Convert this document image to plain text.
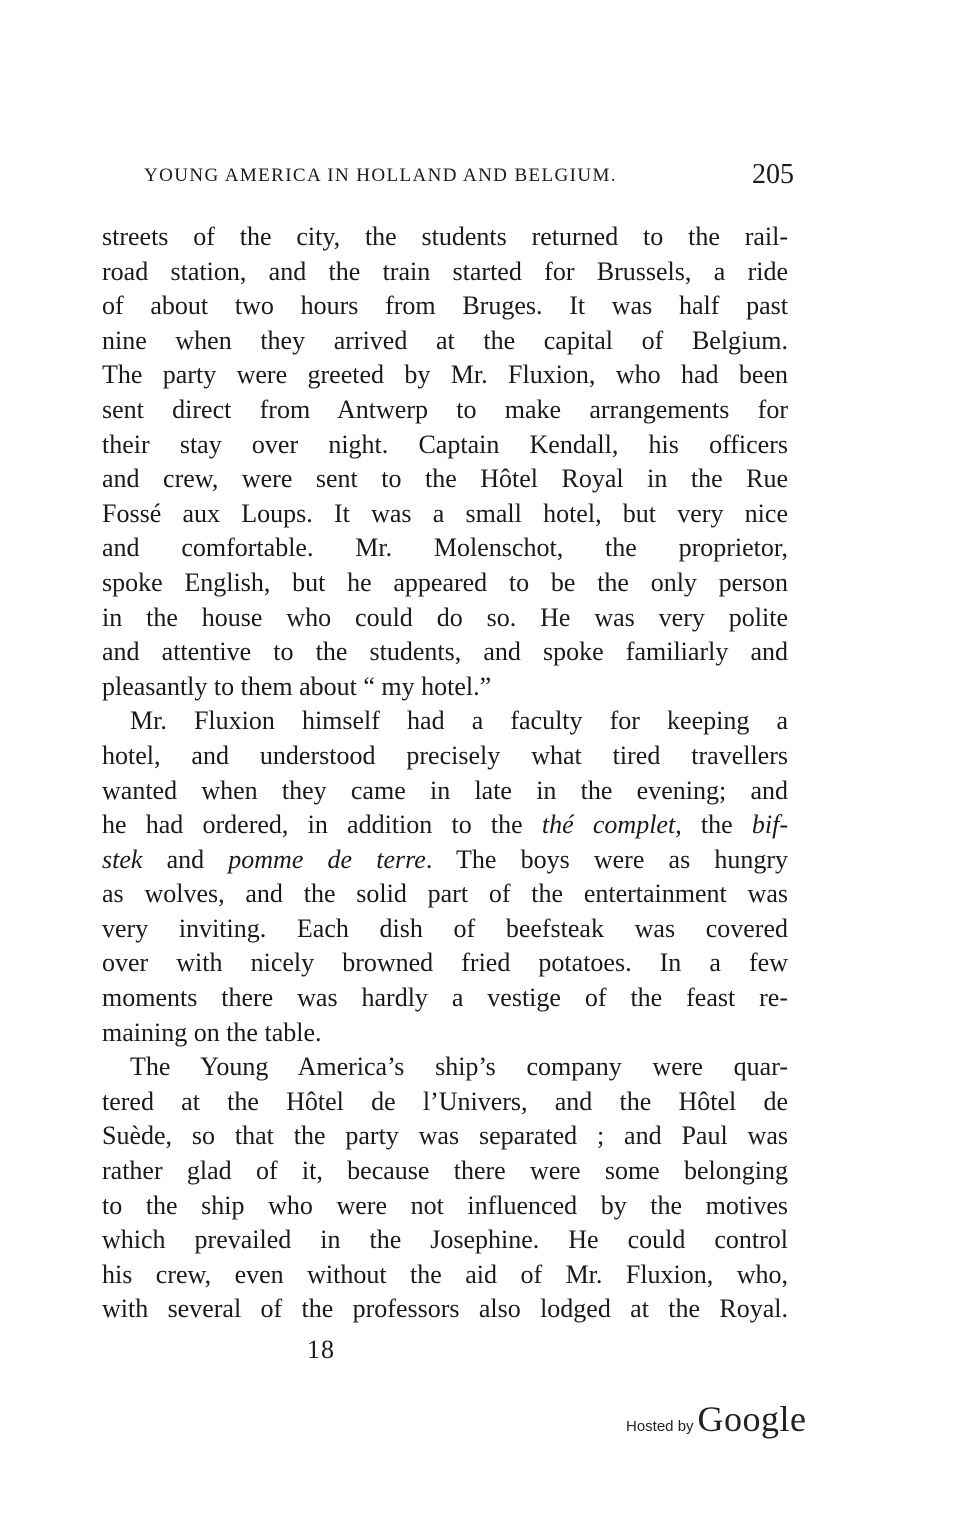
YOUNG AMERICA IN HOLLAND AND BELGIUM.	205
streets of the city, the students returned to the rail-
road station, and the train started for Brussels, a ride
of about two hours from Bruges. It was half past
nine when they arrived at the capital of Belgium.
The party were greeted by Mr. Fluxion, who had been
sent direct from Antwerp to make arrangements for
their stay over night. Captain Kendall, his officers
and crew, were sent to the Hôtel Royal in the Rue
Fossé aux Loups. It was a small hotel, but very nice
and comfortable. Mr. Molenschot, the proprietor,
spoke English, but he appeared to be the only person
in the house who could do so. He was very polite
and attentive to the students, and spoke familiarly and
pleasantly to them about “ my hotel.”
Mr. Fluxion himself had a faculty for keeping a
hotel, and understood precisely what tired travellers
wanted when they came in late in the evening; and
he had ordered, in addition to the thé complet, the bif-
stek and pomme de terre. The boys were as hungry
as wolves, and the solid part of the entertainment was
very inviting. Each dish of beefsteak was covered
over with nicely browned fried potatoes. In a few
moments there was hardly a vestige of the feast re-
maining on the table.
The Young America’s ship’s company were quar-
tered at the Hôtel de l’Univers, and the Hôtel de
Suède, so that the party was separated ; and Paul was
rather glad of it, because there were some belonging
to the ship who were not influenced by the motives
which prevailed in the Josephine. He could control
his crew, even without the aid of Mr. Fluxion, who,
with several of the professors also lodged at the Royal.
18
Hosted by Google
